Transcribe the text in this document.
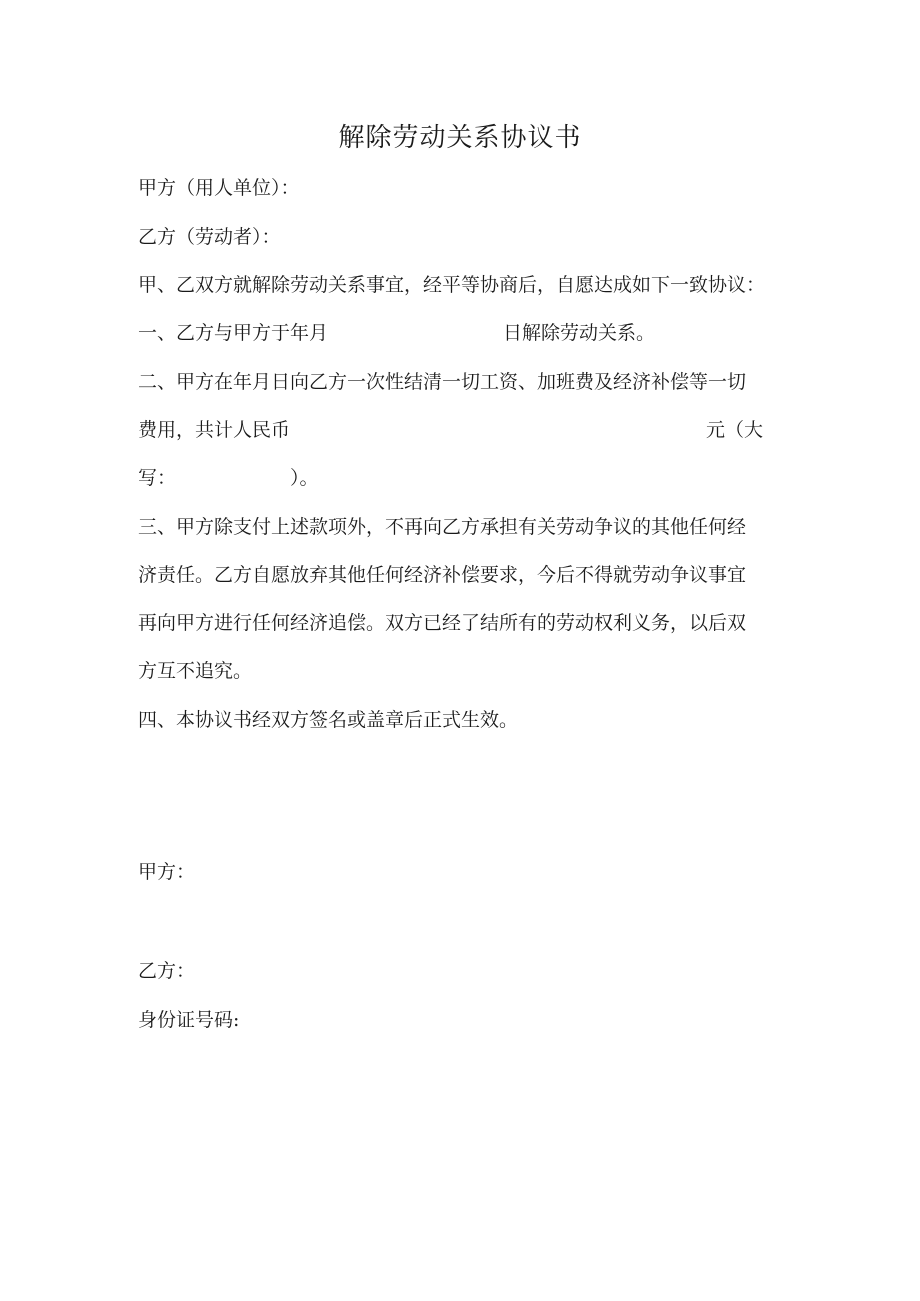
解除劳动关系协议书
甲方（用人单位）：
乙方（劳动者）：
甲、乙双方就解除劳动关系事宜，经平等协商后，自愿达成如下一致协议：
一、乙方与甲方于年月	日解除劳动关系。
二、甲方在年月日向乙方一次性结清一切工资、加班费及经济补偿等一切
费用，共计人民币	元（大
写：	）。
三、甲方除支付上述款项外，不再向乙方承担有关劳动争议的其他任何经
济责任。乙方自愿放弃其他任何经济补偿要求，今后不得就劳动争议事宜
再向甲方进行任何经济追偿。双方已经了结所有的劳动权利义务，以后双
方互不追究。
四、本协议书经双方签名或盖章后正式生效。
甲方：
乙方：
身份证号码:
